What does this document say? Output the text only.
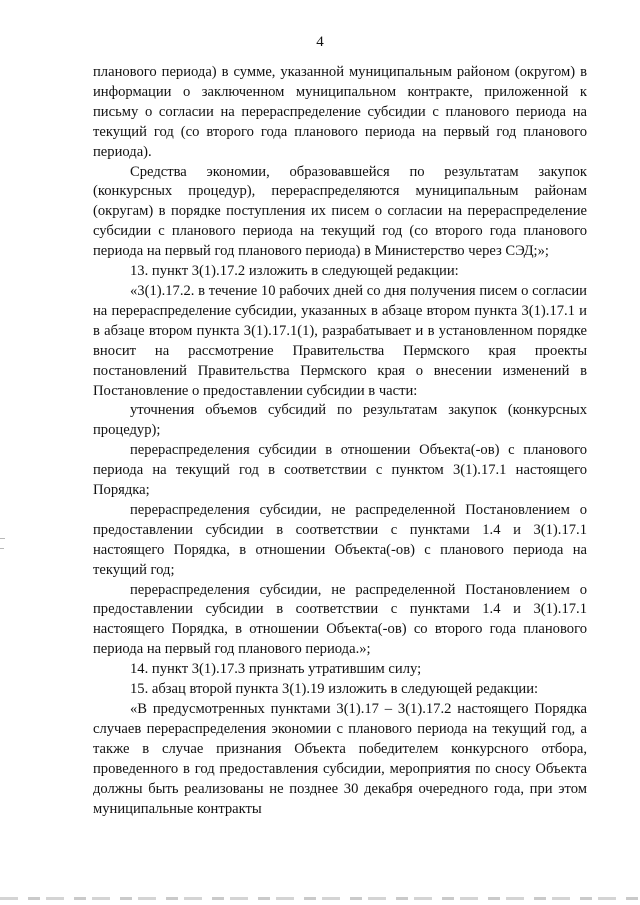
4

планового периода) в сумме, указанной муниципальным районом (округом) в информации о заключенном муниципальном контракте, приложенной к письму о согласии на перераспределение субсидии с планового периода на текущий год (со второго года планового периода на первый год планового периода).

Средства экономии, образовавшейся по результатам закупок (конкурсных процедур), перераспределяются муниципальным районам (округам) в порядке поступления их писем о согласии на перераспределение субсидии с планового периода на текущий год (со второго года планового периода на первый год планового периода) в Министерство через СЭД;»;

13. пункт 3(1).17.2 изложить в следующей редакции:

«3(1).17.2. в течение 10 рабочих дней со дня получения писем о согласии на перераспределение субсидии, указанных в абзаце втором пункта 3(1).17.1 и в абзаце втором пункта 3(1).17.1(1), разрабатывает и в установленном порядке вносит на рассмотрение Правительства Пермского края проекты постановлений Правительства Пермского края о внесении изменений в Постановление о предоставлении субсидии в части:

уточнения объемов субсидий по результатам закупок (конкурсных процедур);

перераспределения субсидии в отношении Объекта(-ов) с планового периода на текущий год в соответствии с пунктом 3(1).17.1 настоящего Порядка;

перераспределения субсидии, не распределенной Постановлением о предоставлении субсидии в соответствии с пунктами 1.4 и 3(1).17.1 настоящего Порядка, в отношении Объекта(-ов) с планового периода на текущий год;

перераспределения субсидии, не распределенной Постановлением о предоставлении субсидии в соответствии с пунктами 1.4 и 3(1).17.1 настоящего Порядка, в отношении Объекта(-ов) со второго года планового периода на первый год планового периода.»;

14. пункт 3(1).17.3 признать утратившим силу;

15. абзац второй пункта 3(1).19 изложить в следующей редакции:

«В предусмотренных пунктами 3(1).17 – 3(1).17.2 настоящего Порядка случаев перераспределения экономии с планового периода на текущий год, а также в случае признания Объекта победителем конкурсного отбора, проведенного в год предоставления субсидии, мероприятия по сносу Объекта должны быть реализованы не позднее 30 декабря очередного года, при этом муниципальные контракты
